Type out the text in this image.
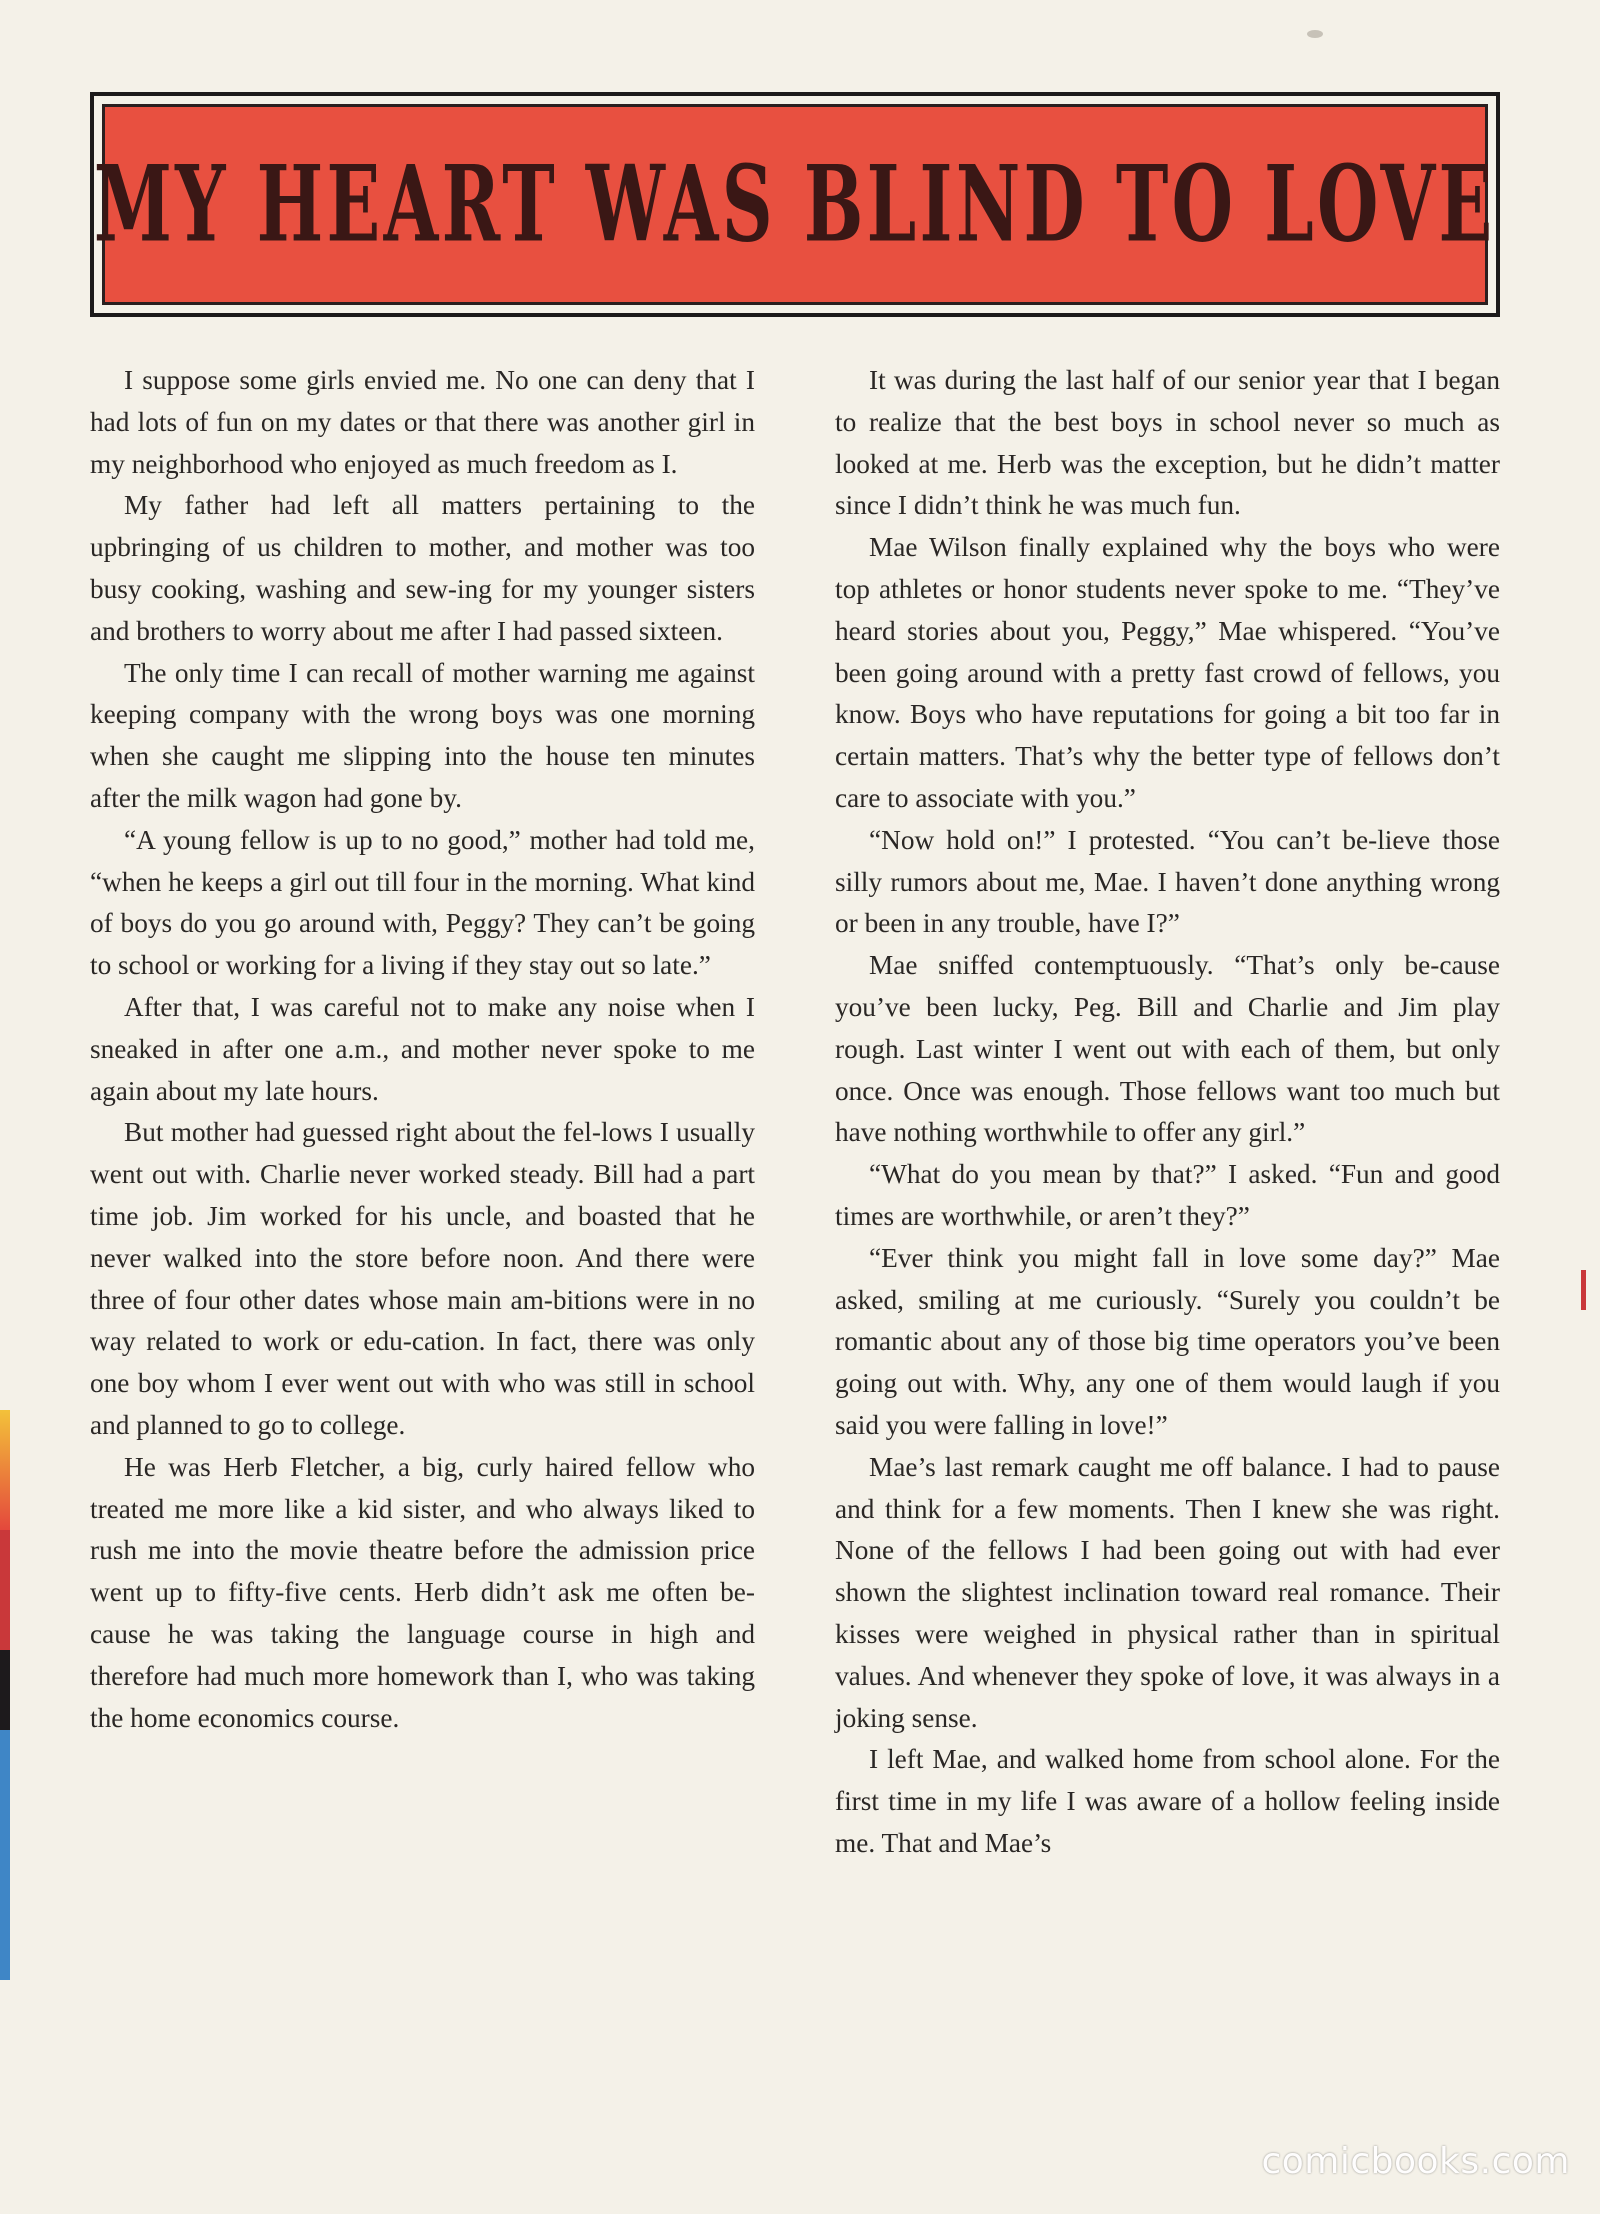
MY HEART WAS BLIND TO LOVE

I suppose some girls envied me. No one can deny that I had lots of fun on my dates or that there was another girl in my neighborhood who enjoyed as much freedom as I.

My father had left all matters pertaining to the upbringing of us children to mother, and mother was too busy cooking, washing and sew-ing for my younger sisters and brothers to worry about me after I had passed sixteen.

The only time I can recall of mother warning me against keeping company with the wrong boys was one morning when she caught me slipping into the house ten minutes after the milk wagon had gone by.

“A young fellow is up to no good,” mother had told me, “when he keeps a girl out till four in the morning. What kind of boys do you go around with, Peggy? They can’t be going to school or working for a living if they stay out so late.”

After that, I was careful not to make any noise when I sneaked in after one a.m., and mother never spoke to me again about my late hours.

But mother had guessed right about the fel-lows I usually went out with. Charlie never worked steady. Bill had a part time job. Jim worked for his uncle, and boasted that he never walked into the store before noon. And there were three of four other dates whose main am-bitions were in no way related to work or edu-cation. In fact, there was only one boy whom I ever went out with who was still in school and planned to go to college.

He was Herb Fletcher, a big, curly haired fellow who treated me more like a kid sister, and who always liked to rush me into the movie theatre before the admission price went up to fifty-five cents. Herb didn’t ask me often be-cause he was taking the language course in high and therefore had much more homework than I, who was taking the home economics course.

It was during the last half of our senior year that I began to realize that the best boys in school never so much as looked at me. Herb was the exception, but he didn’t matter since I didn’t think he was much fun.

Mae Wilson finally explained why the boys who were top athletes or honor students never spoke to me. “They’ve heard stories about you, Peggy,” Mae whispered. “You’ve been going around with a pretty fast crowd of fellows, you know. Boys who have reputations for going a bit too far in certain matters. That’s why the better type of fellows don’t care to associate with you.”

“Now hold on!” I protested. “You can’t be-lieve those silly rumors about me, Mae. I haven’t done anything wrong or been in any trouble, have I?”

Mae sniffed contemptuously. “That’s only be-cause you’ve been lucky, Peg. Bill and Charlie and Jim play rough. Last winter I went out with each of them, but only once. Once was enough. Those fellows want too much but have nothing worthwhile to offer any girl.”

“What do you mean by that?” I asked. “Fun and good times are worthwhile, or aren’t they?”

“Ever think you might fall in love some day?” Mae asked, smiling at me curiously. “Surely you couldn’t be romantic about any of those big time operators you’ve been going out with. Why, any one of them would laugh if you said you were falling in love!”

Mae’s last remark caught me off balance. I had to pause and think for a few moments. Then I knew she was right. None of the fellows I had been going out with had ever shown the slightest inclination toward real romance. Their kisses were weighed in physical rather than in spiritual values. And whenever they spoke of love, it was always in a joking sense.

I left Mae, and walked home from school alone. For the first time in my life I was aware of a hollow feeling inside me. That and Mae’s

comicbooks.com
